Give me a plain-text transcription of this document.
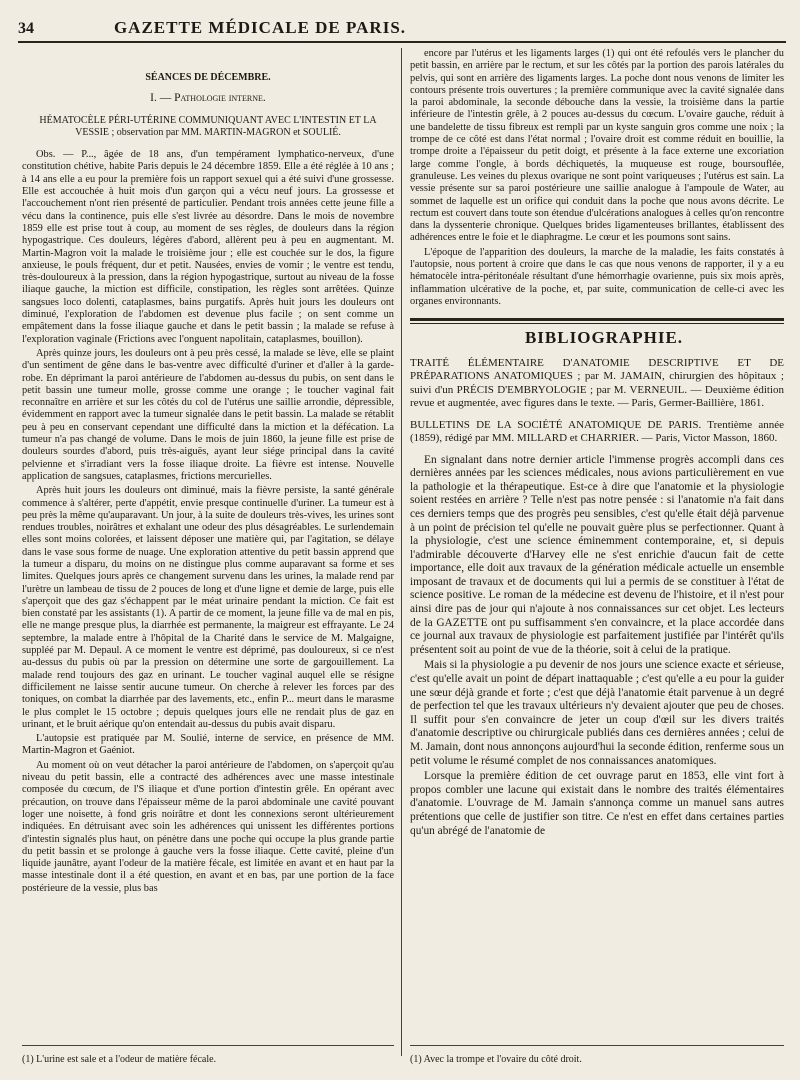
34	GAZETTE MÉDICALE DE PARIS.

SÉANCES DE DÉCEMBRE.

I. — Pathologie interne.

HÉMATOCÈLE PÉRI-UTÉRINE COMMUNIQUANT AVEC L'INTESTIN ET LA VESSIE ; observation par MM. MARTIN-MAGRON et SOULIÉ.

Obs. — P..., âgée de 18 ans, d'un tempérament lymphatico-nerveux, d'une constitution chétive, habite Paris depuis le 24 décembre 1859. Elle a été réglée à 10 ans ; à 14 ans elle a eu pour la première fois un rapport sexuel qui a été suivi d'une grossesse. Elle est accouchée à huit mois d'un garçon qui a vécu neuf jours. La grossesse et l'accouchement n'ont rien présenté de particulier. Pendant trois années cette jeune fille a vécu dans la continence, puis elle s'est livrée au désordre. Dans le mois de novembre 1859 elle est prise tout à coup, au moment de ses règles, de douleurs dans la région hypogastrique. Ces douleurs, légères d'abord, allèrent peu à peu en augmentant. M. Martin-Magron voit la malade le troisième jour ; elle est couchée sur le dos, la figure anxieuse, le pouls fréquent, dur et petit. Nausées, envies de vomir ; le ventre est tendu, très-douloureux à la pression, dans la région hypogastrique, surtout au niveau de la fosse iliaque gauche, la miction est difficile, constipation, les règles sont arrêtées. Quinze sangsues loco dolenti, cataplasmes, bains purgatifs. Après huit jours les douleurs ont diminué, l'exploration de l'abdomen est devenue plus facile ; on sent comme un empâtement dans la fosse iliaque gauche et dans le petit bassin ; la malade se refuse à l'exploration vaginale (Frictions avec l'onguent napolitain, cataplasmes, bouillon).

Après quinze jours, les douleurs ont à peu près cessé, la malade se lève, elle se plaint d'un sentiment de gêne dans le bas-ventre avec difficulté d'uriner et d'aller à la garde-robe. En déprimant la paroi antérieure de l'abdomen au-dessus du pubis, on sent dans le petit bassin une tumeur molle, grosse comme une orange ; le toucher vaginal fait reconnaître en arrière et sur les côtés du col de l'utérus une saillie arrondie, dépressible, évidemment en rapport avec la tumeur signalée dans le petit bassin. La malade se rétablit peu à peu en conservant cependant une difficulté dans la miction et la défécation. La tumeur n'a pas changé de volume. Dans le mois de juin 1860, la jeune fille est prise de douleurs sourdes d'abord, puis très-aiguës, ayant leur siége principal dans la cavité pelvienne et s'irradiant vers la fosse iliaque droite. La fièvre est intense. Nouvelle application de sangsues, cataplasmes, frictions mercurielles.

Après huit jours les douleurs ont diminué, mais la fièvre persiste, la santé générale commence à s'altérer, perte d'appétit, envie presque continuelle d'uriner. La tumeur est à peu près la même qu'auparavant. Un jour, à la suite de douleurs très-vives, les urines sont rendues troubles, noirâtres et exhalant une odeur des plus désagréables. Le surlendemain elles sont moins colorées, et laissent déposer une matière qui, par l'agitation, se délaye dans le vase sous forme de nuage. Une exploration attentive du petit bassin apprend que la tumeur a disparu, du moins on ne distingue plus comme auparavant sa forme et ses limites. Quelques jours après ce changement survenu dans les urines, la malade rend par l'urètre un lambeau de tissu de 2 pouces de long et d'une ligne et demie de large, puis elle s'aperçoit que des gaz s'échappent par le méat urinaire pendant la miction. Ce fait est bien constaté par les assistants (1). A partir de ce moment, la jeune fille va de mal en pis, elle ne mange presque plus, la diarrhée est permanente, la maigreur est effrayante. Le 24 septembre, la malade entre à l'hôpital de la Charité dans le service de M. Malgaigne, suppléé par M. Depaul. A ce moment le ventre est déprimé, pas douloureux, si ce n'est au-dessus du pubis où par la pression on détermine une sorte de gargouillement. La malade rend toujours des gaz en urinant. Le toucher vaginal auquel elle se résigne difficilement ne laisse sentir aucune tumeur. On cherche à relever les forces par des toniques, on combat la diarrhée par des lavements, etc., enfin P... meurt dans le marasme le plus complet le 15 octobre ; depuis quelques jours elle ne rendait plus de gaz en urinant, et le bruit aérique qu'on entendait au-dessus du pubis avait disparu.

L'autopsie est pratiquée par M. Soulié, interne de service, en présence de MM. Martin-Magron et Gaéniot.

Au moment où on veut détacher la paroi antérieure de l'abdomen, on s'aperçoit qu'au niveau du petit bassin, elle a contracté des adhérences avec une masse intestinale composée du cœcum, de l'S iliaque et d'une portion d'intestin grêle. En opérant avec précaution, on trouve dans l'épaisseur même de la paroi abdominale une cavité pouvant loger une noisette, à fond gris noirâtre et dont les connexions seront ultérieurement indiquées. En détruisant avec soin les adhérences qui unissent les différentes portions d'intestin signalés plus haut, on pénètre dans une poche qui occupe la plus grande partie du petit bassin et se prolonge à gauche vers la fosse iliaque. Cette cavité, pleine d'un liquide jaunâtre, ayant l'odeur de la matière fécale, est limitée en avant et en haut par la masse intestinale dont il a été question, en avant et en bas, par une portion de la face postérieure de la vessie, plus bas

(1) L'urine est sale et a l'odeur de matière fécale.

encore par l'utérus et les ligaments larges (1) qui ont été refoulés vers le plancher du petit bassin, en arrière par le rectum, et sur les côtés par la portion des parois latérales du pelvis, qui sont en arrière des ligaments larges. La poche dont nous venons de limiter les contours présente trois ouvertures ; la première communique avec la cavité signalée dans la paroi abdominale, la seconde débouche dans la vessie, la troisième dans la partie inférieure de l'intestin grêle, à 2 pouces au-dessus du cœcum. L'ovaire gauche, réduit à une bandelette de tissu fibreux est rempli par un kyste sanguin gros comme une noix ; la trompe de ce côté est dans l'état normal ; l'ovaire droit est comme réduit en bouillie, la trompe droite a l'épaisseur du petit doigt, et présente à la face externe une excoriation large comme l'ongle, à bords déchiquetés, la muqueuse est rouge, boursouflée, granuleuse. Les veines du plexus ovarique ne sont point variqueuses ; l'utérus est sain. La vessie présente sur sa paroi postérieure une saillie analogue à l'ampoule de Water, au sommet de laquelle est un orifice qui conduit dans la poche que nous avons décrite. Le rectum est couvert dans toute son étendue d'ulcérations analogues à celles qu'on rencontre dans la dyssenterie chronique. Quelques brides ligamenteuses brillantes, établissent des adhérences entre le foie et le diaphragme. Le cœur et les poumons sont sains.

L'époque de l'apparition des douleurs, la marche de la maladie, les faits constatés à l'autopsie, nous portent à croire que dans le cas que nous venons de rapporter, il y a eu hématocèle intra-péritonéale résultant d'une hémorrhagie ovarienne, puis six mois après, inflammation ulcérative de la poche, et, par suite, communication de celle-ci avec les organes environnants.

BIBLIOGRAPHIE.

TRAITÉ ÉLÉMENTAIRE D'ANATOMIE DESCRIPTIVE ET DE PRÉPARATIONS ANATOMIQUES ; par M. JAMAIN, chirurgien des hôpitaux ; suivi d'un PRÉCIS D'EMBRYOLOGIE ; par M. VERNEUIL. — Deuxième édition revue et augmentée, avec figures dans le texte. — Paris, Germer-Baillière, 1861.

BULLETINS DE LA SOCIÉTÉ ANATOMIQUE DE PARIS. Trentième année (1859), rédigé par MM. MILLARD et CHARRIER. — Paris, Victor Masson, 1860.

En signalant dans notre dernier article l'immense progrès accompli dans ces dernières années par les sciences médicales, nous avions particulièrement en vue la pathologie et la thérapeutique. Est-ce à dire que l'anatomie et la physiologie soient restées en arrière ? Telle n'est pas notre pensée : si l'anatomie n'a fait dans ces derniers temps que des progrès peu sensibles, c'est qu'elle était déjà parvenue à un point de précision tel qu'elle ne pouvait guère plus se perfectionner. Quant à la physiologie, c'est une science éminemment contemporaine, et, si depuis l'admirable découverte d'Harvey elle ne s'est enrichie d'aucun fait de cette importance, elle doit aux travaux de la génération médicale actuelle un ensemble imposant de travaux et de documents qui lui a permis de se constituer à l'état de science positive. Le roman de la médecine est devenu de l'histoire, et il n'est pour ainsi dire pas de jour qui n'ajoute à nos connaissances sur cet objet. Les lecteurs de la GAZETTE ont pu suffisamment s'en convaincre, et la place accordée dans ce journal aux travaux de physiologie est parfaitement justifiée par l'intérêt qu'ils présentent soit au point de vue de la théorie, soit à celui de la pratique.

Mais si la physiologie a pu devenir de nos jours une science exacte et sérieuse, c'est qu'elle avait un point de départ inattaquable ; c'est qu'elle a eu pour la guider une sœur déjà grande et forte ; c'est que déjà l'anatomie était parvenue à un degré de perfection tel que les travaux ultérieurs n'y devaient ajouter que peu de choses. Il suffit pour s'en convaincre de jeter un coup d'œil sur les divers traités d'anatomie descriptive ou chirurgicale publiés dans ces dernières années ; celui de M. Jamain, dont nous annonçons aujourd'hui la seconde édition, renferme sous un petit volume le résumé complet de nos connaissances anatomiques.

Lorsque la première édition de cet ouvrage parut en 1853, elle vint fort à propos combler une lacune qui existait dans le nombre des traités élémentaires d'anatomie. L'ouvrage de M. Jamain s'annonça comme un manuel sans autres prétentions que celle de justifier son titre. Ce n'est en effet dans certaines parties qu'un abrégé de l'anatomie de

(1) Avec la trompe et l'ovaire du côté droit.
